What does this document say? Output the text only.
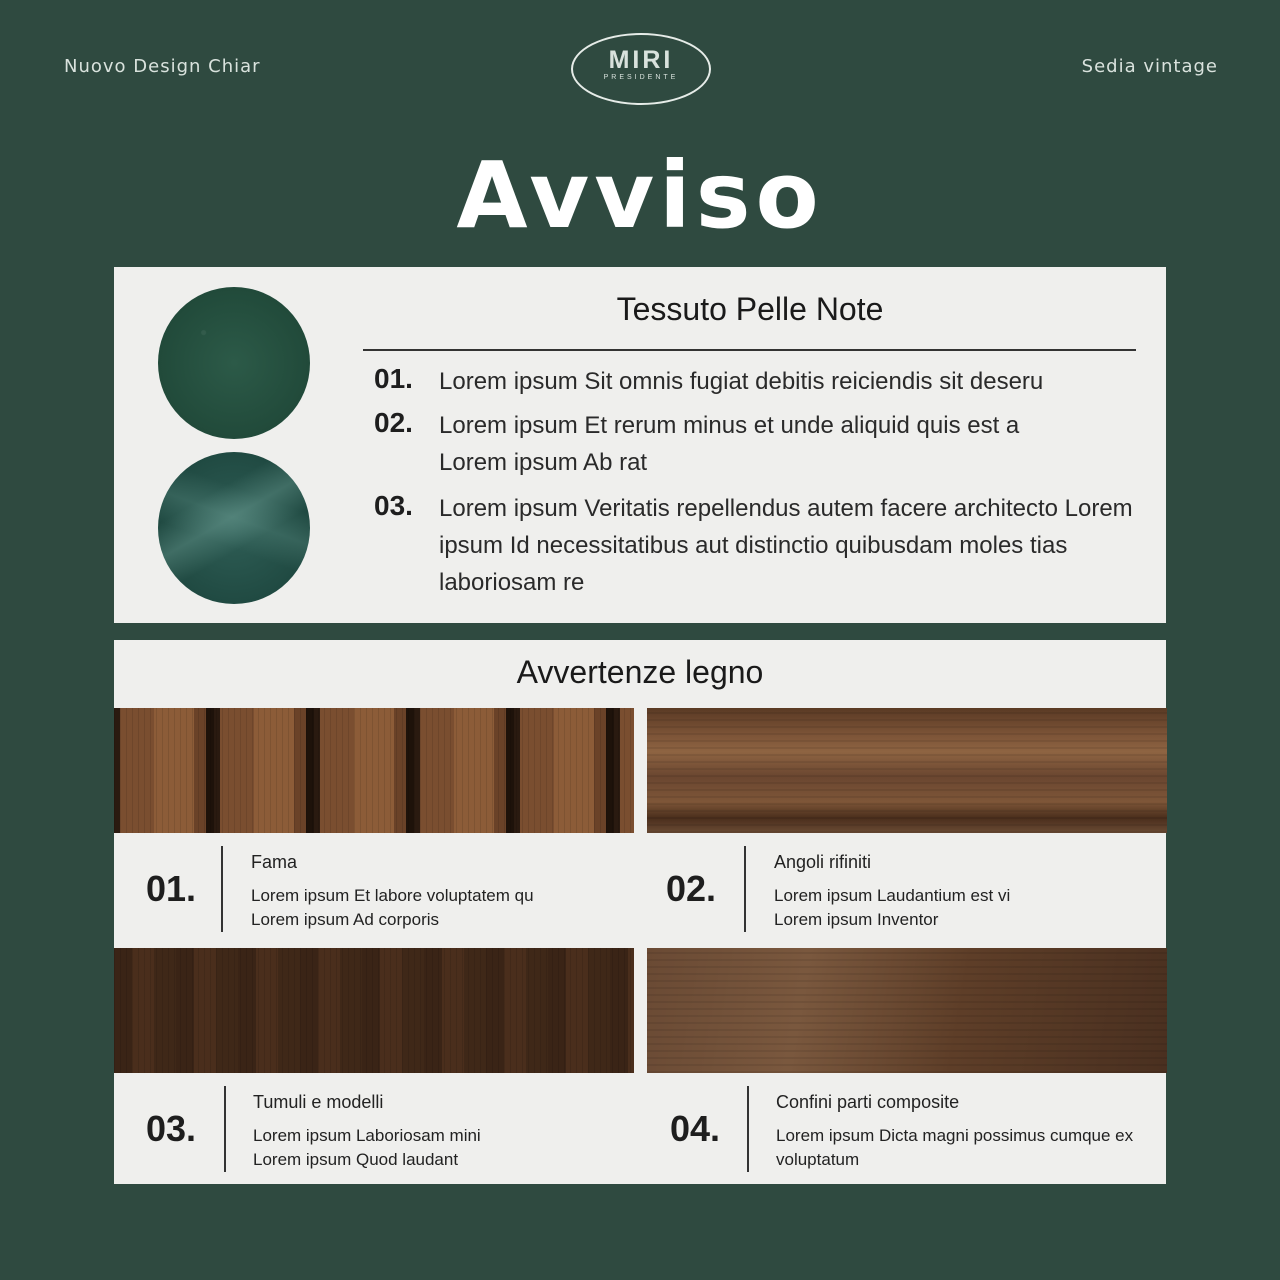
Nuovo Design Chiar	MIRI
PRESIDENTE
Sedia vintage
Avviso
Tessuto Pelle Note
01. Lorem ipsum Sit omnis fugiat debitis reiciendis sit deseru
02. Lorem ipsum Et rerum minus et unde aliquid quis est a Lorem ipsum Ab rat
03. Lorem ipsum Veritatis repellendus autem facere architecto Lorem ipsum Id necessitatibus aut distinctio quibusdam moles tias laboriosam re
Avvertenze legno
01.
Fama
Lorem ipsum Et labore voluptatem qu Lorem ipsum Ad corporis
02.
Angoli rifiniti
Lorem ipsum Laudantium est vi Lorem ipsum Inventor
03.
Tumuli e modelli
Lorem ipsum Laboriosam mini Lorem ipsum Quod laudant
04.
Confini parti composite
Lorem ipsum Dicta magni possimus cumque ex voluptatum
